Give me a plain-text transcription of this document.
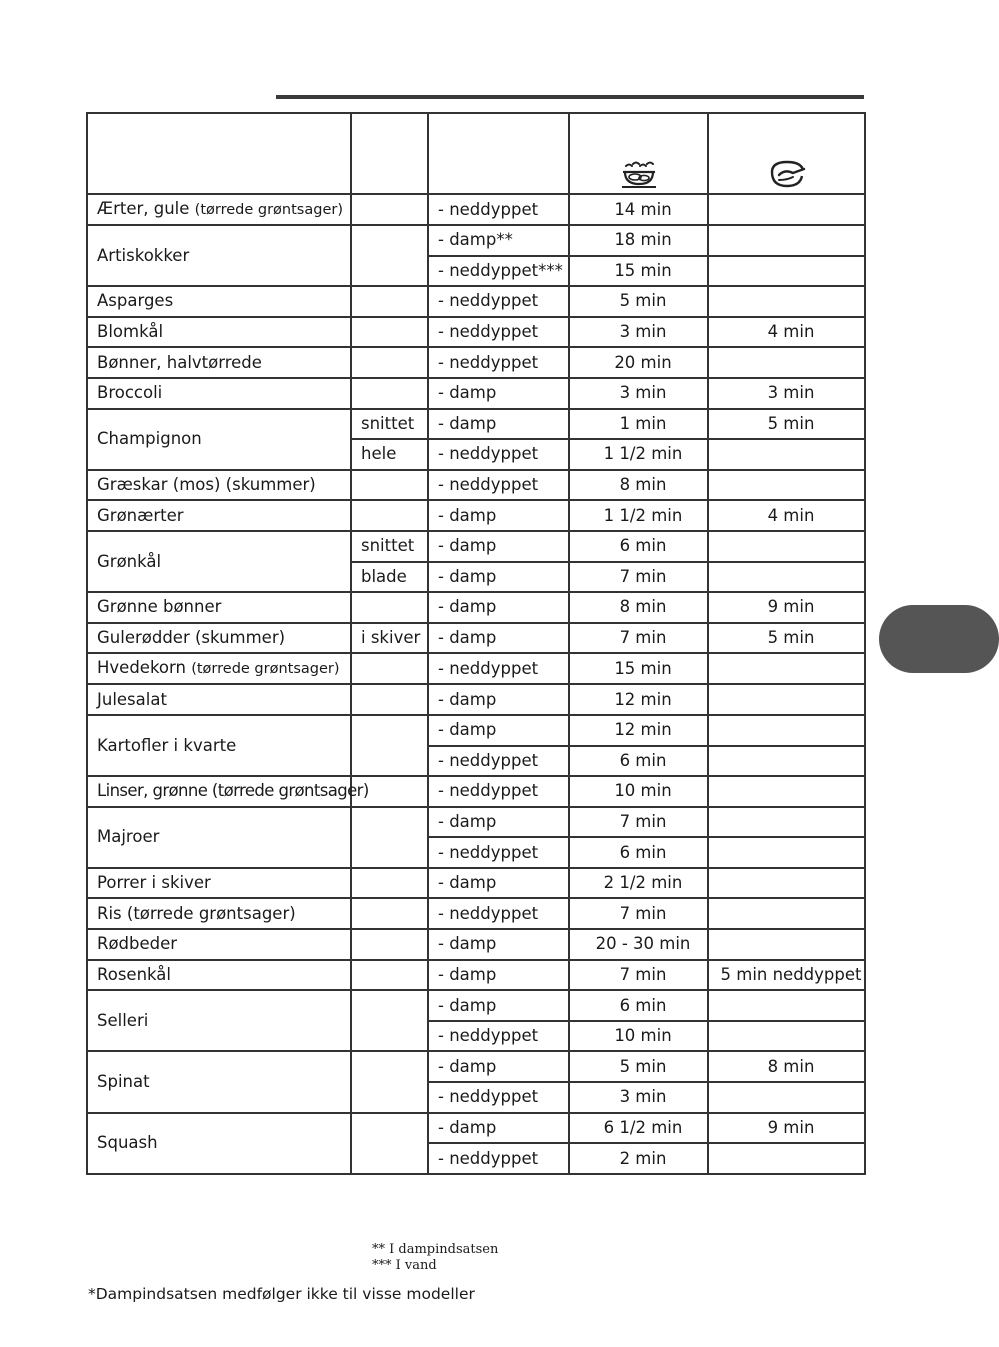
Ærter, gule (tørrede grøntsager)		- neddyppet	14 min	
Artiskokker		- damp**	18 min	
		- neddyppet***	15 min	
Asparges		- neddyppet	5 min	
Blomkål		- neddyppet	3 min	4 min
Bønner, halvtørrede		- neddyppet	20 min	
Broccoli		- damp	3 min	3 min
Champignon	snittet	- damp	1 min	5 min
	hele	- neddyppet	1 1/2 min	
Græskar (mos) (skummer)		- neddyppet	8 min	
Grønærter		- damp	1 1/2 min	4 min
Grønkål	snittet	- damp	6 min	
	blade	- damp	7 min	
Grønne bønner		- damp	8 min	9 min
Gulerødder (skummer)	i skiver	- damp	7 min	5 min
Hvedekorn (tørrede grøntsager)		- neddyppet	15 min	
Julesalat		- damp	12 min	
Kartofler i kvarte		- damp	12 min	
		- neddyppet	6 min	
Linser, grønne (tørrede grøntsager)		- neddyppet	10 min	
Majroer		- damp	7 min	
		- neddyppet	6 min	
Porrer i skiver		- damp	2 1/2 min	
Ris (tørrede grøntsager)		- neddyppet	7 min	
Rødbeder		- damp	20 - 30 min	
Rosenkål		- damp	7 min	5 min neddyppet
Selleri		- damp	6 min	
		- neddyppet	10 min	
Spinat		- damp	5 min	8 min
		- neddyppet	3 min	
Squash		- damp	6 1/2 min	9 min
		- neddyppet	2 min	
** I dampindsatsen
*** I vand
*Dampindsatsen medfølger ikke til visse modeller
